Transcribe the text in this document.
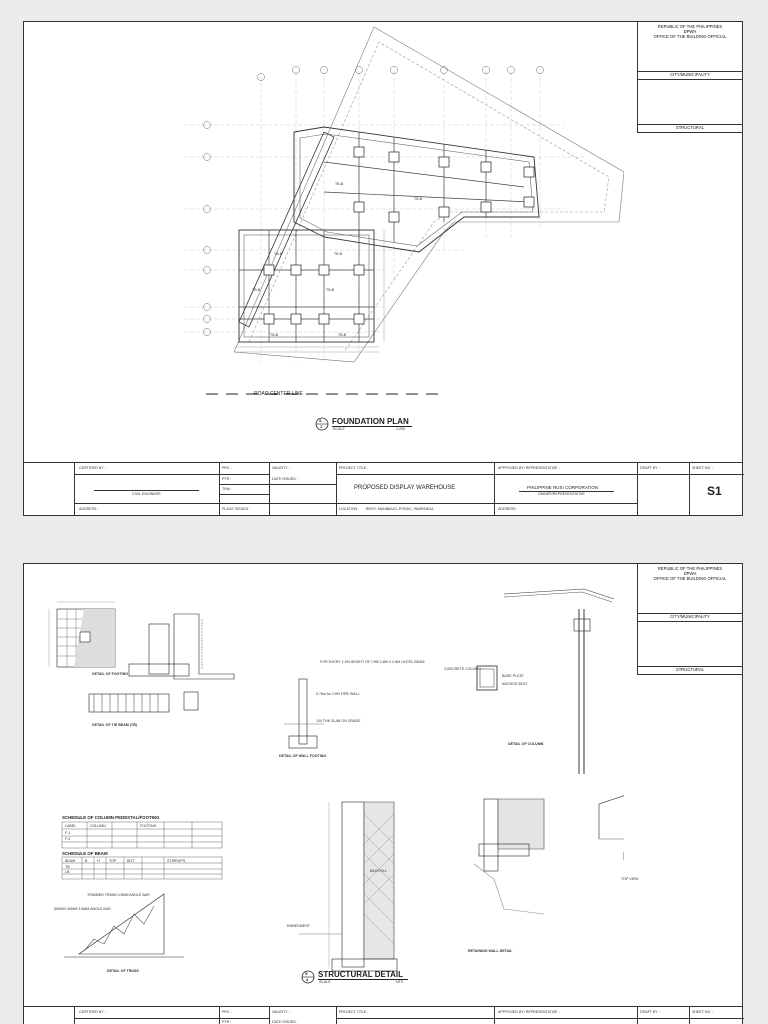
REPUBLIC OF THE PHILIPPINES
DPWH
OFFICE OF THE BUILDING OFFICIAL
CITY/MUNICIPALITY
STRUCTURAL
TB-B
TB-B
TB-B	TB-B
TB-B	TB-B
TB-B	TB-B
ROAD CENTER LINE
S
1
FOUNDATION PLAN
SCALE	1:200
CERTIFIED BY :
CIVIL ENGINEER
ADDRESS :
PRC :
PTR :
TIN# :
PLACE ISSUED :
VALIDITY :
DATE ISSUED :
PROJECT TITLE :
PROPOSED DISPLAY WAREHOUSE
LOCATION : BRGY. MANIBAUG, PORAC, PAMPANGA
APPROVED BY/ REPRESENTATIVE :
PHILIPPINE RUSI CORPORATION
OWNER/REPRESENTATIVE
ADDRESS :
DRAFT BY :	SHEET NO. :
S1
REPUBLIC OF THE PHILIPPINES
DPWH
OFFICE OF THE BUILDING OFFICIAL
CITY/MUNICIPALITY
STRUCTURAL
DETAIL OF FOOTING
DETAIL OF TIE BEAM (TB)
DETAIL OF WALL FOOTING
DETAIL OF COLUMN
CONCRETE COLUMN
BASE PLATE
ANCHOR BOLT
FOR EVERY 1.2M HEIGHT OF CHB 2-8M X 0.8M LINTEL BEAM
0.75m for CHB FIRE WALL
100 THK SLAB ON GRADE
SCHEDULE OF COLUMN PEDESTAL/FOOTING
LABEL	COLUMN	FOOTING
F-1
F-2
SCHEDULE OF BEAM
BEAM	B	H	TOP	BOT	STIRRUPS
TB
LB
TRIMMED TRIMM 3.5MM ANGLE BAR
50MMX 50MM 3.5MM ANGLE BAR
DETAIL OF TRUSS
BACKFILL
EMBEDMENT
RETAINING WALL DETAIL
TOP VIEW
S
3
STRUCTURAL DETAIL
SCALE	NTS
CERTIFIED BY :	PRC :
PTR :
VALIDITY :
DATE ISSUED :
PROJECT TITLE :	APPROVED BY/ REPRESENTATIVE :	DRAFT BY :	SHEET NO. :
